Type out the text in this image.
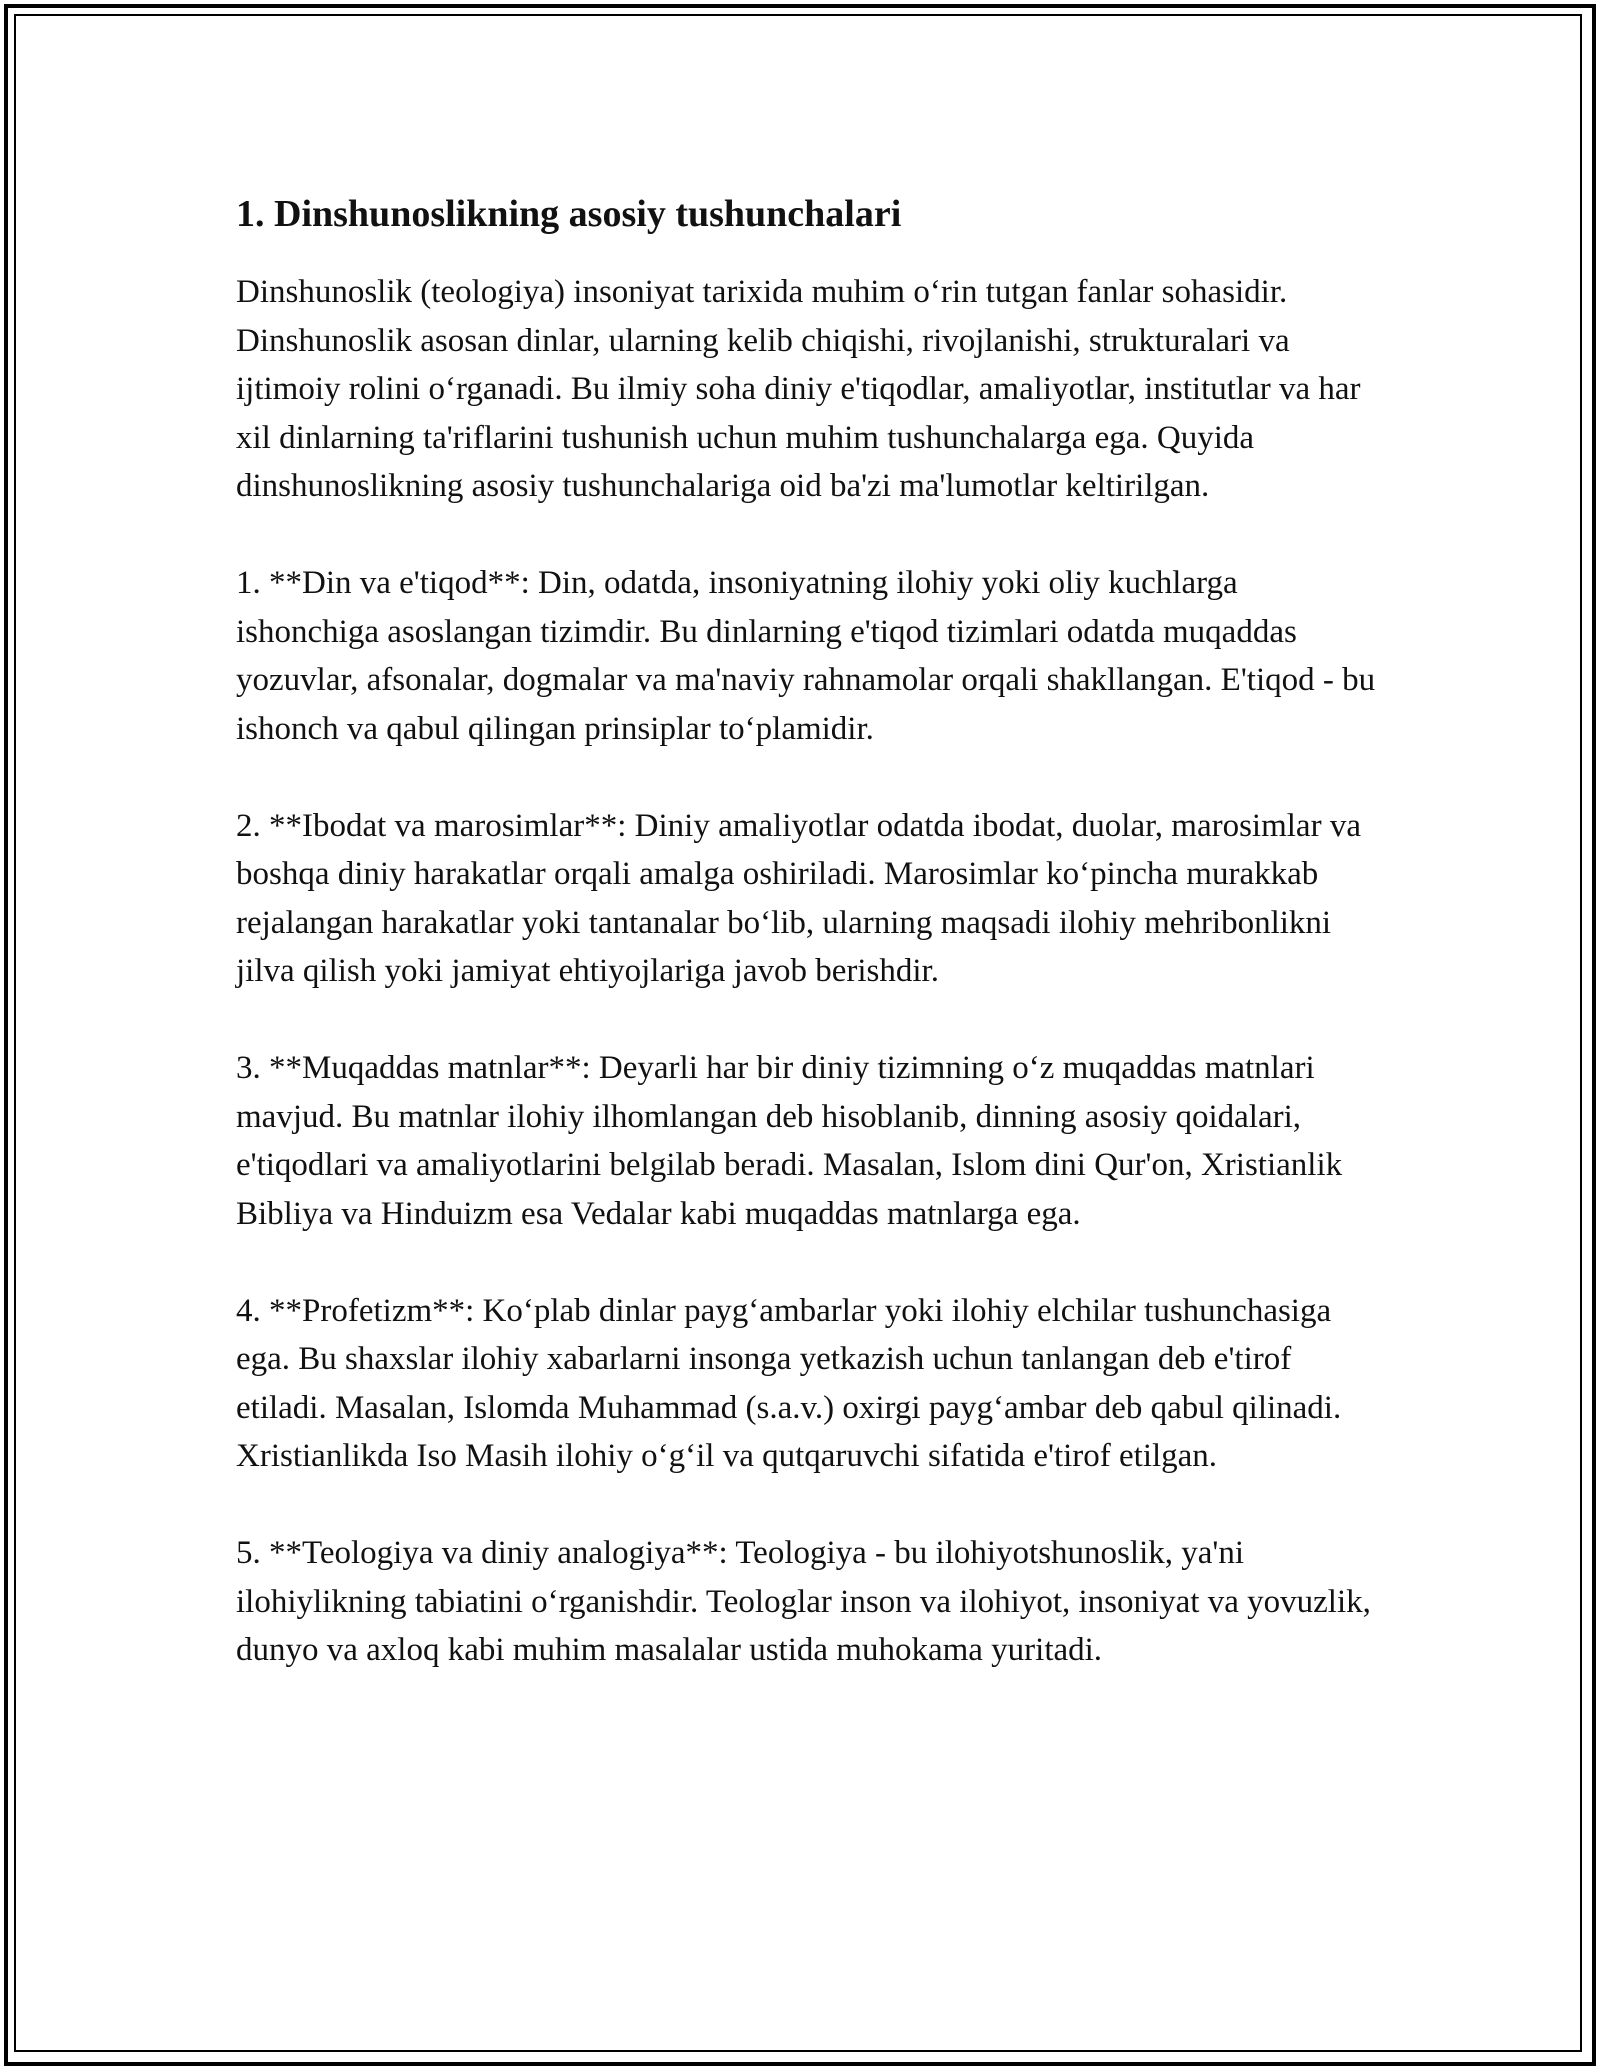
1. Dinshunoslikning asosiy tushunchalari

Dinshunoslik (teologiya) insoniyat tarixida muhim o‘rin tutgan fanlar sohasidir. Dinshunoslik asosan dinlar, ularning kelib chiqishi, rivojlanishi, strukturalari va ijtimoiy rolini o‘rganadi. Bu ilmiy soha diniy e'tiqodlar, amaliyotlar, institutlar va har xil dinlarning ta'riflarini tushunish uchun muhim tushunchalarga ega. Quyida dinshunoslikning asosiy tushunchalariga oid ba'zi ma'lumotlar keltirilgan.

1. **Din va e'tiqod**: Din, odatda, insoniyatning ilohiy yoki oliy kuchlarga ishonchiga asoslangan tizimdir. Bu dinlarning e'tiqod tizimlari odatda muqaddas yozuvlar, afsonalar, dogmalar va ma'naviy rahnamolar orqali shakllangan. E'tiqod - bu ishonch va qabul qilingan prinsiplar to‘plamidir.

2. **Ibodat va marosimlar**: Diniy amaliyotlar odatda ibodat, duolar, marosimlar va boshqa diniy harakatlar orqali amalga oshiriladi. Marosimlar ko‘pincha murakkab rejalangan harakatlar yoki tantanalar bo‘lib, ularning maqsadi ilohiy mehribonlikni jilva qilish yoki jamiyat ehtiyojlariga javob berishdir.

3. **Muqaddas matnlar**: Deyarli har bir diniy tizimning o‘z muqaddas matnlari mavjud. Bu matnlar ilohiy ilhomlangan deb hisoblanib, dinning asosiy qoidalari, e'tiqodlari va amaliyotlarini belgilab beradi. Masalan, Islom dini Qur'on, Xristianlik Bibliya va Hinduizm esa Vedalar kabi muqaddas matnlarga ega.

4. **Profetizm**: Ko‘plab dinlar payg‘ambarlar yoki ilohiy elchilar tushunchasiga ega. Bu shaxslar ilohiy xabarlarni insonga yetkazish uchun tanlangan deb e'tirof etiladi. Masalan, Islomda Muhammad (s.a.v.) oxirgi payg‘ambar deb qabul qilinadi. Xristianlikda Iso Masih ilohiy o‘g‘il va qutqaruvchi sifatida e'tirof etilgan.

5. **Teologiya va diniy analogiya**: Teologiya - bu ilohiyotshunoslik, ya'ni ilohiylikning tabiatini o‘rganishdir. Teologlar inson va ilohiyot, insoniyat va yovuzlik, dunyo va axloq kabi muhim masalalar ustida muhokama yuritadi.
